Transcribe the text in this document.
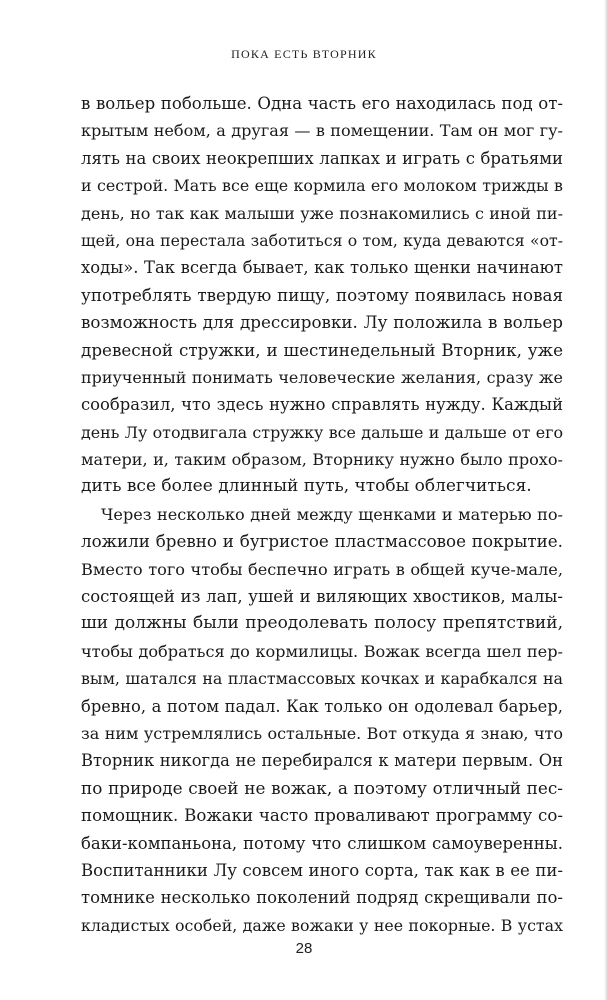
ПОКА ЕСТЬ ВТОРНИК
в вольер побольше. Одна часть его находилась под от-
крытым небом, а другая — в помещении. Там он мог гу-
лять на своих неокрепших лапках и играть с братьями
и сестрой. Мать все еще кормила его молоком трижды в
день, но так как малыши уже познакомились с иной пи-
щей, она перестала заботиться о том, куда деваются «от-
ходы». Так всегда бывает, как только щенки начинают
употреблять твердую пищу, поэтому появилась новая
возможность для дрессировки. Лу положила в вольер
древесной стружки, и шестинедельный Вторник, уже
приученный понимать человеческие желания, сразу же
сообразил, что здесь нужно справлять нужду. Каждый
день Лу отодвигала стружку все дальше и дальше от его
матери, и, таким образом, Вторнику нужно было прохо-
дить все более длинный путь, чтобы облегчиться.
Через несколько дней между щенками и матерью по-
ложили бревно и бугристое пластмассовое покрытие.
Вместо того чтобы беспечно играть в общей куче-мале,
состоящей из лап, ушей и виляющих хвостиков, малы-
ши должны были преодолевать полосу препятствий,
чтобы добраться до кормилицы. Вожак всегда шел пер-
вым, шатался на пластмассовых кочках и карабкался на
бревно, а потом падал. Как только он одолевал барьер,
за ним устремлялись остальные. Вот откуда я знаю, что
Вторник никогда не перебирался к матери первым. Он
по природе своей не вожак, а поэтому отличный пес-
помощник. Вожаки часто проваливают программу со-
баки-компаньона, потому что слишком самоуверенны.
Воспитанники Лу совсем иного сорта, так как в ее пи-
томнике несколько поколений подряд скрещивали по-
кладистых особей, даже вожаки у нее покорные. В устах
28
